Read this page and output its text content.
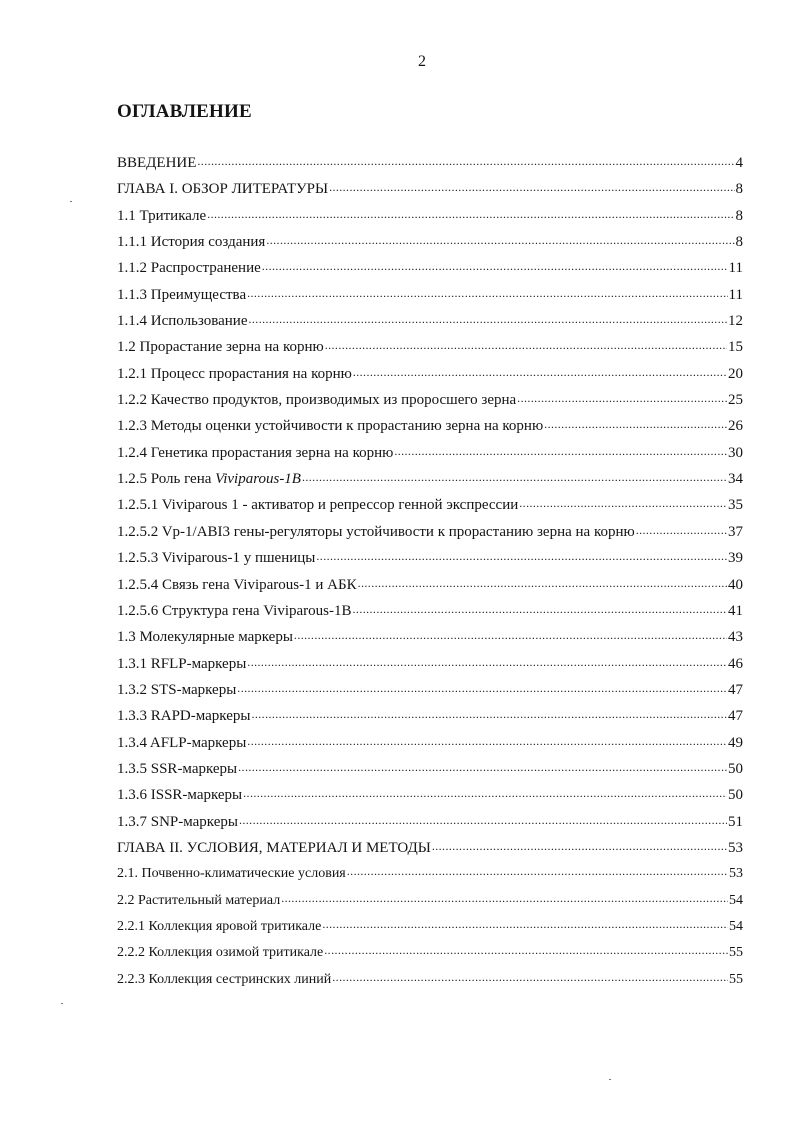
2
ОГЛАВЛЕНИЕ
ВВЕДЕНИЕ .....	4
ГЛАВА I. ОБЗОР ЛИТЕРАТУРЫ .....	8
1.1 Тритикале .....	8
1.1.1 История создания .....	8
1.1.2 Распространение .....	11
1.1.3 Преимущества .....	11
1.1.4 Использование .....	12
1.2 Прорастание зерна на корню .....	15
1.2.1 Процесс прорастания на корню .....	20
1.2.2 Качество продуктов, производимых из проросшего зерна .....	25
1.2.3 Методы оценки устойчивости к прорастанию зерна на корню .....	26
1.2.4 Генетика прорастания зерна на корню .....	30
1.2.5 Роль гена Viviparous-1B .....	34
1.2.5.1 Viviparous 1 - активатор и репрессор генной экспрессии .....	35
1.2.5.2 Vp-1/ABI3 гены-регуляторы устойчивости к прорастанию зерна на корню .....	37
1.2.5.3 Viviparous-1 у пшеницы .....	39
1.2.5.4 Связь гена Viviparous-1 и АБК .....	40
1.2.5.6 Структура гена Viviparous-1B .....	41
1.3 Молекулярные маркеры .....	43
1.3.1 RFLP-маркеры .....	46
1.3.2 STS-маркеры .....	47
1.3.3 RAPD-маркеры .....	47
1.3.4 AFLP-маркеры .....	49
1.3.5 SSR-маркеры .....	50
1.3.6 ISSR-маркеры .....	50
1.3.7 SNP-маркеры .....	51
ГЛАВА II. УСЛОВИЯ, МАТЕРИАЛ И МЕТОДЫ .....	53
2.1. Почвенно-климатические условия .....	53
2.2 Растительный материал .....	54
2.2.1 Коллекция яровой тритикале .....	54
2.2.2 Коллекция озимой тритикале .....	55
2.2.3 Коллекция сестринских линий .....	55
